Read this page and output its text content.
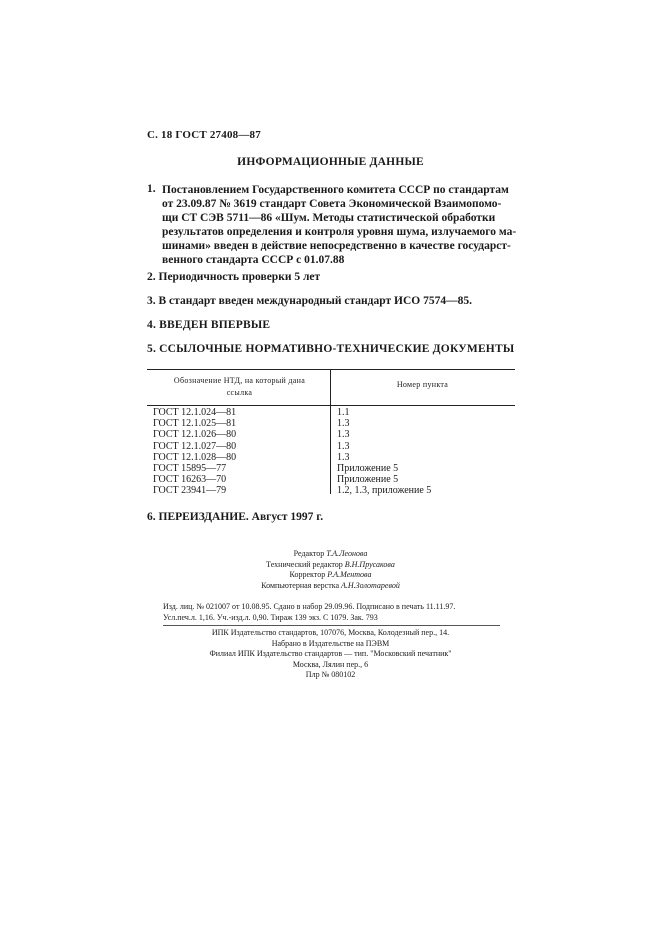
С. 18 ГОСТ 27408—87
ИНФОРМАЦИОННЫЕ ДАННЫЕ
1. Постановлением Государственного комитета СССР по стандартам
от 23.09.87 № 3619 стандарт Совета Экономической Взаимопомо-
щи СТ СЭВ 5711—86 «Шум. Методы статистической обработки
результатов определения и контроля уровня шума, излучаемого ма-
шинами» введен в действие непосредственно в качестве государст-
венного стандарта СССР с 01.07.88
2. Периодичность проверки 5 лет
3. В стандарт введен международный стандарт ИСО 7574—85.
4. ВВЕДЕН ВПЕРВЫЕ
5. ССЫЛОЧНЫЕ НОРМАТИВНО-ТЕХНИЧЕСКИЕ ДОКУМЕНТЫ
Обозначение НТД, на который дана
ссылка
Номер пункта
ГОСТ 12.1.024—81
ГОСТ 12.1.025—81
ГОСТ 12.1.026—80
ГОСТ 12.1.027—80
ГОСТ 12.1.028—80
ГОСТ 15895—77
ГОСТ 16263—70
ГОСТ 23941—79
1.1
1.3
1.3
1.3
1.3
Приложение 5
Приложение 5
1.2, 1.3, приложение 5
6. ПЕРЕИЗДАНИЕ. Август 1997 г.
Редактор Т.А.Леонова
Технический редактор В.Н.Прусакова
Корректор Р.А.Ментова
Компьютерная верстка А.Н.Золотаревой
Изд. лиц. № 021007 от 10.08.95. Сдано в набор 29.09.96. Подписано в печать 11.11.97.
Усл.печ.л. 1,16. Уч.-изд.л. 0,90. Тираж 139 экз. С 1079. Зак. 793
ИПК Издательство стандартов, 107076, Москва, Колодезный пер., 14.
Набрано в Издательстве на ПЭВМ
Филиал ИПК Издательство стандартов — тип. "Московский печатник"
Москва, Лялин пер., 6
Плр № 080102
